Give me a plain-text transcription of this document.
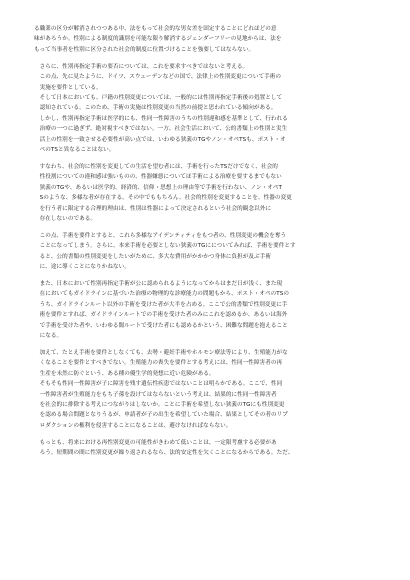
る職業の区分が解消されつつある中、法をもって社会的な男女差を固定することにどれほどの意
味があろうか。性別による制度的識別を可能な限り解消するジェンダーフリーの見地からは、法を
もって当事者を性別に区分された社会的制度に位置づけることを強要してはならない。

さらに、性別再指定手術の要否については、これを要求すべきではないと考える。
この点、先に見たように、ドイツ、スウェーデンなどの国で、法律上の性別変更について手術の
実施を要件としている。
そして日本においても、戸籍の性別変更については、一般的には性別再指定手術後の処置として
認知されている。このため、手術の実施は性別変更の当然の前提と思われている傾向がある。
しかし、性別再指定手術は医学的にも、性同一性障害のうちの性別違和感を基準として、行われる
治療の一つに過ぎず、絶対視すべきではない。一方、社会生活において、公的書類上の性別と実生
活上の性別を一致させる必要性が高い点では、いわゆる狭義のTGやノン・オペTSも、ポスト・オ
ペのTSと異なることはない。

すなわち、社会的に性別を変更しての生活を望む者には、手術を行ったTSだけでなく、社会的
性役割についての違和感は強いものの、性器嫌悪についてほ手術による治療を要するまでもない
狭義のTGや、あるいは医学的、経済的、信仰・思想上の理由等で手術を行わない、ノン・オペT
Sのような、多様な者が存在する。その中でももちろん、社会的性別を変更することを、性器の変更
を行う者に限定する合理的理由は、性別は性器によって決定されるという社会的観念以外に
存在しないのである。

この点、手術を要件とすると、これら多様なアイデンティティをもつ者の、性別変更の機会を奪う
ことになってしまう。さらに、本来手術を必要としない狭義のTGにについてみれば、手術を要件とす
ると、公的書類の性別変更をしたいがために、多大な費用がかかかつ身体に負担が及ぶ手術
に、途に導くことになりかねない。

また、日本において性別再指定手術が公に認められるようになってからはまだ日が浅く、また現
在においてもガイドラインに基づいた治療の物理的な診療能力の問題もから、ポスト・オペのTSの
うち、ガイドラインルート以外の手術を受けた者が大半を占める。ここで公的書類で性別変更に手
術を要件とすれば、ガイドラインルートでの手術を受けた者のみにこれを認めるか、あるいは海外
で手術を受けた者や、いわゆる闇ルートで受けた者にも認めるかという、困難な問題を抱えること
になる。

加えて、たとえ手術を要件としなくても、去勢・避妊手術やホルモン療法等により、生殖能力がな
くなることを要件とすべきでない。生殖能力の喪失を要件とする考えには、性同一性障害者の再
生産を未然に防ぐという、ある種の優生学的発想に近い危険がある。
そもそも性同一性障害が子に障害を残す遺伝性疾患ではないことは明らかである。ここで、性同
一性障害者が生殖能力をもち子孫を設けてはならないという考えは、結果的に性同一性障害者
を社会的に排除する考えにつながりはしないか。ことに手術を希望しない狭義のTGにも性別変更
を認める場合問題となりうるが、申請者が子の出生を希望していた場合、結果としてその者のリプ
ロダクションの権利を侵害することになることは、避けなければならない。

もっとも、将来における再性別変更の可能性がきわめて低いことは、一定限考慮する必要があ
ろう。短期間の間に性別変更が繰り返されるなら、法的安定性を欠くことになるからである。ただ、
